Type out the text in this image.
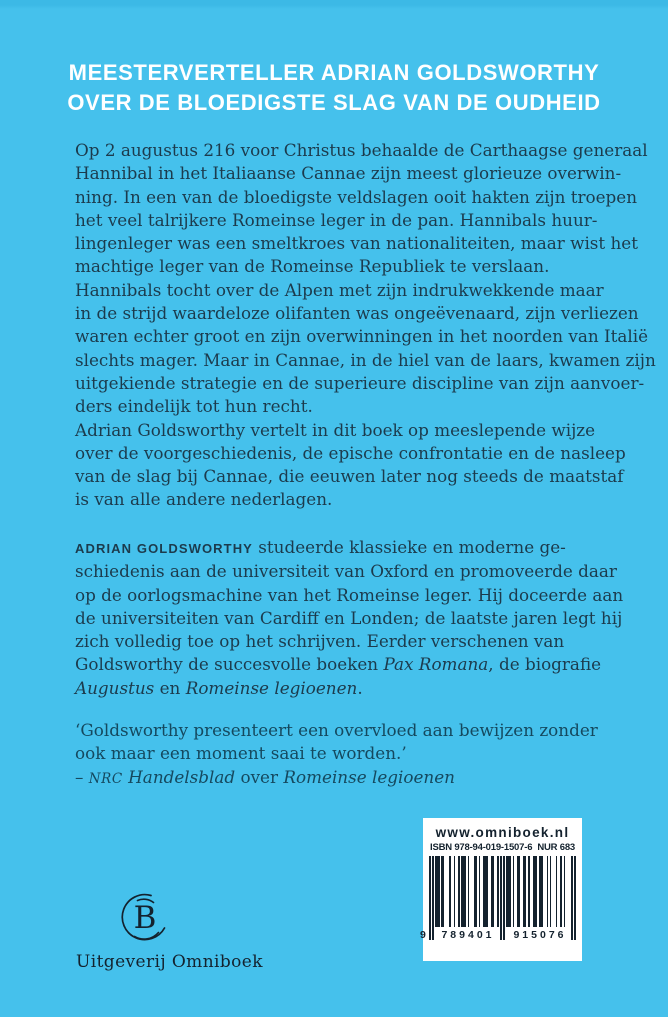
MEESTERVERTELLER ADRIAN GOLDSWORTHY
OVER DE BLOEDIGSTE SLAG VAN DE OUDHEID
Op 2 augustus 216 voor Christus behaalde de Carthaagse generaal
Hannibal in het Italiaanse Cannae zijn meest glorieuze overwin-
ning. In een van de bloedigste veldslagen ooit hakten zijn troepen
het veel talrijkere Romeinse leger in de pan. Hannibals huur-
lingenleger was een smeltkroes van nationaliteiten, maar wist het
machtige leger van de Romeinse Republiek te verslaan.
Hannibals tocht over de Alpen met zijn indrukwekkende maar
in de strijd waardeloze olifanten was ongeëvenaard, zijn verliezen
waren echter groot en zijn overwinningen in het noorden van Italië
slechts mager. Maar in Cannae, in de hiel van de laars, kwamen zijn
uitgekiende strategie en de superieure discipline van zijn aanvoer-
ders eindelijk tot hun recht.
Adrian Goldsworthy vertelt in dit boek op meeslepende wijze
over de voorgeschiedenis, de epische confrontatie en de nasleep
van de slag bij Cannae, die eeuwen later nog steeds de maatstaf
is van alle andere nederlagen.
ADRIAN GOLDSWORTHY studeerde klassieke en moderne ge-
schiedenis aan de universiteit van Oxford en promoveerde daar
op de oorlogsmachine van het Romeinse leger. Hij doceerde aan
de universiteiten van Cardiff en Londen; de laatste jaren legt hij
zich volledig toe op het schrijven. Eerder verschenen van
Goldsworthy de succesvolle boeken Pax Romana, de biografie
Augustus en Romeinse legioenen.
‘Goldsworthy presenteert een overvloed aan bewijzen zonder
ook maar een moment saai te worden.’
– NRC Handelsblad over Romeinse legioenen
www.omniboek.nl
ISBN 978-94-019-1507-6 NUR 683
9	789401	915076
B
Uitgeverij Omniboek
